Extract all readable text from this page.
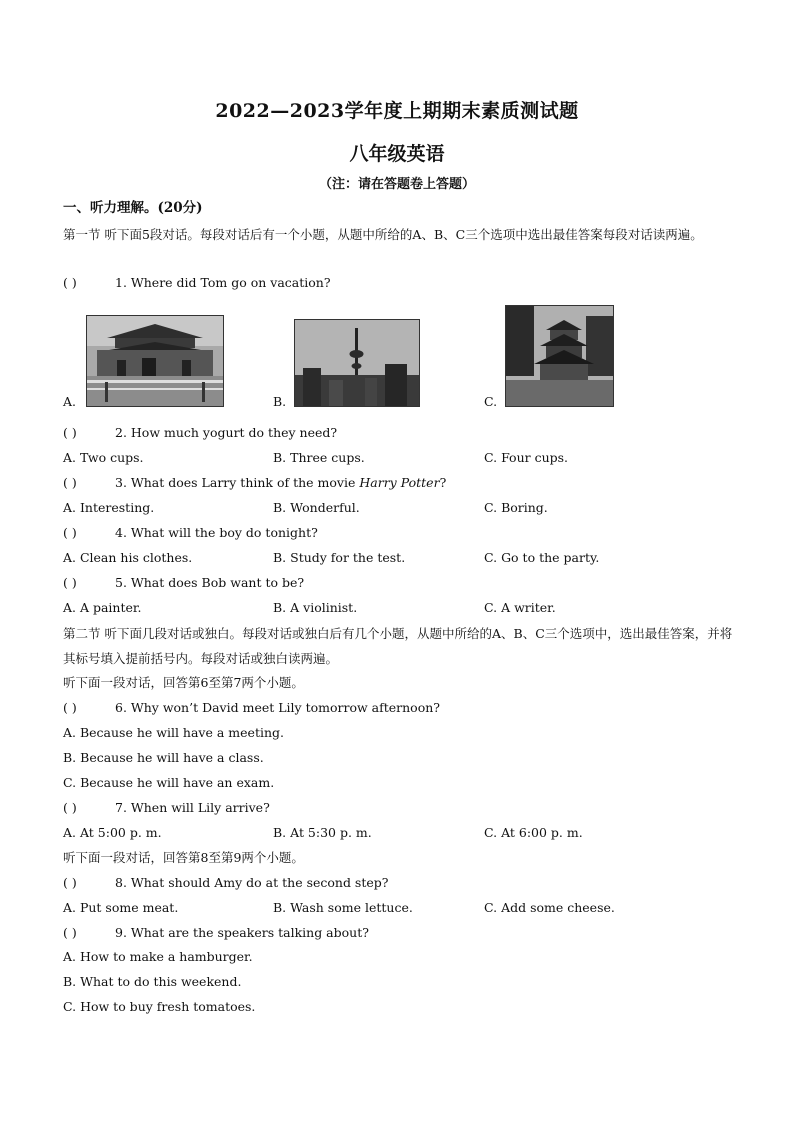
2022—2023学年度上期期末素质测试题
八年级英语
（注：请在答题卷上答题）
一、听力理解。(20分)
第一节 听下面5段对话。每段对话后有一个小题，从题中所给的A、B、C三个选项中选出最佳答案每段对话读两遍。
( )	1. Where did Tom go on vacation?
A.	B.	C.
( )	2. How much yogurt do they need?
A. Two cups.	B. Three cups.	C. Four cups.
( )	3. What does Larry think of the movie Harry Potter?
A. Interesting.	B. Wonderful.	C. Boring.
( )	4. What will the boy do tonight?
A. Clean his clothes.	B. Study for the test.	C. Go to the party.
( )	5. What does Bob want to be?
A. A painter.	B. A violinist.	C. A writer.
第二节 听下面几段对话或独白。每段对话或独白后有几个小题，从题中所给的A、B、C三个选项中，选出最佳答案，并将其标号填入提前括号内。每段对话或独白读两遍。
听下面一段对话，回答第6至第7两个小题。
( )	6. Why won’t David meet Lily tomorrow afternoon?
A. Because he will have a meeting.
B. Because he will have a class.
C. Because he will have an exam.
( )	7. When will Lily arrive?
A. At 5:00 p. m.	B. At 5:30 p. m.	C. At 6:00 p. m.
听下面一段对话，回答第8至第9两个小题。
( )	8. What should Amy do at the second step?
A. Put some meat.	B. Wash some lettuce.	C. Add some cheese.
( )	9. What are the speakers talking about?
A. How to make a hamburger.
B. What to do this weekend.
C. How to buy fresh tomatoes.
